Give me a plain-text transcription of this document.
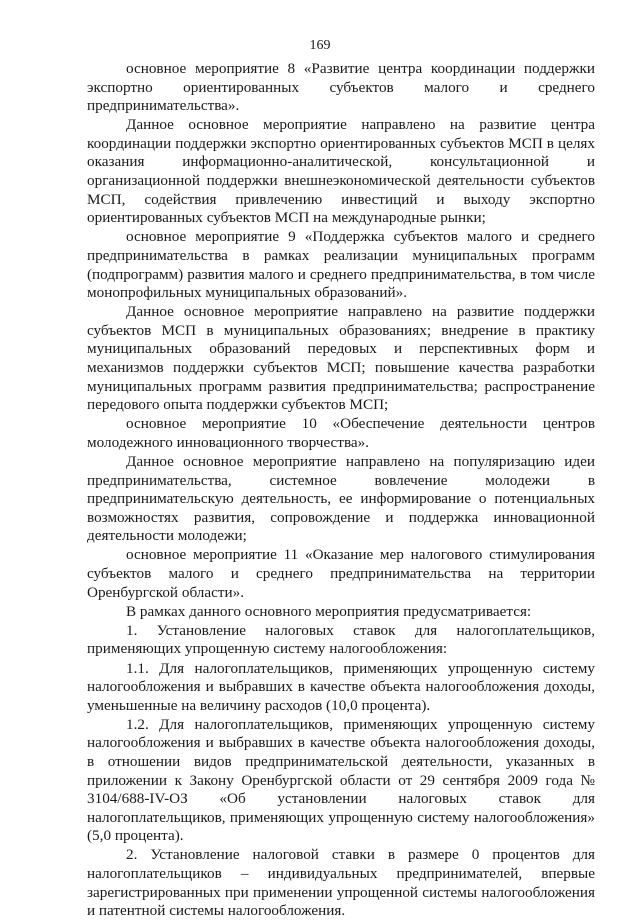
169

основное мероприятие 8 «Развитие центра координации поддержки экспортно ориентированных субъектов малого и среднего предпринимательства».

Данное основное мероприятие направлено на развитие центра координации поддержки экспортно ориентированных субъектов МСП в целях оказания информационно-аналитической, консультационной и организационной поддержки внешнеэкономической деятельности субъектов МСП, содействия привлечению инвестиций и выходу экспортно ориентированных субъектов МСП на международные рынки;

основное мероприятие 9 «Поддержка субъектов малого и среднего предпринимательства в рамках реализации муниципальных программ (подпрограмм) развития малого и среднего предпринимательства, в том числе монопрофильных муниципальных образований».

Данное основное мероприятие направлено на развитие поддержки субъектов МСП в муниципальных образованиях; внедрение в практику муниципальных образований передовых и перспективных форм и механизмов поддержки субъектов МСП; повышение качества разработки муниципальных программ развития предпринимательства; распространение передового опыта поддержки субъектов МСП;

основное мероприятие 10 «Обеспечение деятельности центров молодежного инновационного творчества».

Данное основное мероприятие направлено на популяризацию идеи предпринимательства, системное вовлечение молодежи в предпринимательскую деятельность, ее информирование о потенциальных возможностях развития, сопровождение и поддержка инновационной деятельности молодежи;

основное мероприятие 11 «Оказание мер налогового стимулирования субъектов малого и среднего предпринимательства на территории Оренбургской области».

В рамках данного основного мероприятия предусматривается:

1. Установление налоговых ставок для налогоплательщиков, применяющих упрощенную систему налогообложения:

1.1. Для налогоплательщиков, применяющих упрощенную систему налогообложения и выбравших в качестве объекта налогообложения доходы, уменьшенные на величину расходов (10,0 процента).

1.2. Для налогоплательщиков, применяющих упрощенную систему налогообложения и выбравших в качестве объекта налогообложения доходы, в отношении видов предпринимательской деятельности, указанных в приложении к Закону Оренбургской области от 29 сентября 2009 года № 3104/688-IV-ОЗ «Об установлении налоговых ставок для налогоплательщиков, применяющих упрощенную систему налогообложения» (5,0 процента).

2. Установление налоговой ставки в размере 0 процентов для налогоплательщиков – индивидуальных предпринимателей, впервые зарегистрированных при применении упрощенной системы налогообложения и патентной системы налогообложения.
